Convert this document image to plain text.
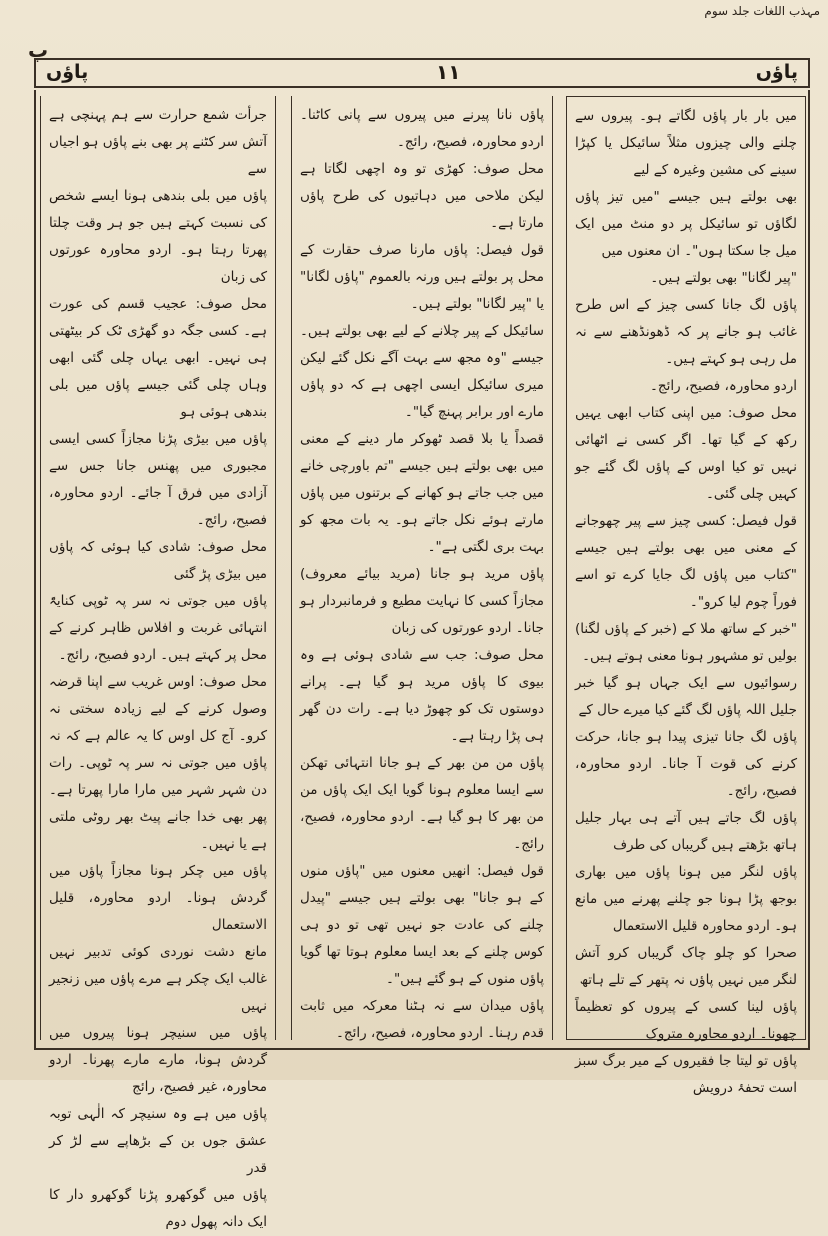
مہذب اللغات جلد سوم
پ
پاؤں
١١
پاؤں
میں بار بار پاؤں لگاتے ہو۔ پیروں سے چلنے والی چیزوں مثلاً سائیکل یا کپڑا سینے کی مشین وغیرہ کے لیے
بھی بولتے ہیں جیسے "میں تیز پاؤں لگاؤں تو سائیکل پر دو منٹ میں ایک میل جا سکتا ہوں"۔ ان معنوں میں
"پیر لگانا" بھی بولتے ہیں۔
پاؤں لگ جانا کسی چیز کے اس طرح غائب ہو جانے پر کہ ڈھونڈھنے سے نہ مل رہی ہو کہتے ہیں۔
اردو محاورہ، فصیح، رائج۔
محل صوف: میں اپنی کتاب ابھی یہیں رکھ کے گیا تھا۔ اگر کسی نے اٹھائی نہیں تو کیا اوس کے پاؤں لگ گئے جو کہیں چلی گئی۔
قول فیصل: کسی چیز سے پیر چھوجانے کے معنی میں بھی بولتے ہیں جیسے "کتاب میں پاؤں لگ جایا کرے تو اسے فوراً چوم لیا کرو"۔
"خبر کے ساتھ ملا کے (خبر کے پاؤں لگنا) بولیں تو مشہور ہونا معنی ہوتے ہیں۔
رسوائیوں سے ایک جہاں ہو گیا خبر جلیل اللہ پاؤں لگ گئے کیا میرے حال کے
پاؤں لگ جانا تیزی پیدا ہو جانا، حرکت کرنے کی قوت آ جانا۔ اردو محاورہ، فصیح، رائج۔
پاؤں لگ جاتے ہیں آتے ہی بہار جلیل ہاتھ بڑھتے ہیں گریباں کی طرف
پاؤں لنگر میں ہونا پاؤں میں بھاری بوجھ پڑا ہونا جو چلنے پھرنے میں مانع ہو۔ اردو محاورہ قلیل الاستعمال
صحرا کو چلو چاک گریباں کرو آتش لنگر میں نہیں پاؤں نہ پتھر کے تلے ہاتھ
پاؤں لینا کسی کے پیروں کو تعظیماً چھونا۔ اردو محاورہ متروک
پاؤں تو لیتا جا فقیروں کے میر برگ سبز است تحفۂ درویش
پاؤں نانا پیرنے میں پیروں سے پانی کاٹنا۔ اردو محاورہ، فصیح، رائج۔
محل صوف: کھڑی تو وہ اچھی لگاتا ہے لیکن ملاحی میں دہاتیوں کی طرح پاؤں مارتا ہے۔
قول فیصل: پاؤں مارنا صرف حقارت کے محل پر بولتے ہیں ورنہ بالعموم "پاؤں لگانا" یا "پیر لگانا" بولتے ہیں۔
سائیکل کے پیر چلانے کے لیے بھی بولتے ہیں۔ جیسے "وہ مجھ سے بہت آگے نکل گئے لیکن میری سائیکل ایسی اچھی ہے کہ دو پاؤں مارے اور برابر پہنچ گیا"۔
قصداً یا بلا قصد ٹھوکر مار دینے کے معنی میں بھی بولتے ہیں جیسے "تم باورچی خانے میں جب جاتے ہو کھانے کے برتنوں میں پاؤں مارتے ہوئے نکل جاتے ہو۔ یہ بات مجھ کو بہت بری لگتی ہے"۔
پاؤں مرید ہو جانا (مرید بیائے معروف) مجازاً کسی کا نہایت مطیع و فرمانبردار ہو جانا۔ اردو عورتوں کی زبان
محل صوف: جب سے شادی ہوئی ہے وہ بیوی کا پاؤں مرید ہو گیا ہے۔ پرانے دوستوں تک کو چھوڑ دیا ہے۔ رات دن گھر ہی پڑا رہتا ہے۔
پاؤں من من بھر کے ہو جانا انتہائی تھکن سے ایسا معلوم ہونا گویا ایک ایک پاؤں من من بھر کا ہو گیا ہے۔ اردو محاورہ، فصیح، رائج۔
قول فیصل: انھیں معنوں میں "پاؤں منوں کے ہو جانا" بھی بولتے ہیں جیسے "پیدل چلنے کی عادت جو نہیں تھی تو دو ہی کوس چلنے کے بعد ایسا معلوم ہوتا تھا گویا پاؤں منوں کے ہو گئے ہیں"۔
پاؤں میدان سے نہ ہٹنا معرکہ میں ثابت قدم رہنا۔ اردو محاورہ، فصیح، رائج۔
جرأت شمع حرارت سے ہم پہنچی ہے آتش سر کٹنے پر بھی بنے پاؤں ہو اجیاں سے
پاؤں میں بلی بندھی ہونا ایسے شخص کی نسبت کہتے ہیں جو ہر وقت چلتا پھرتا رہتا ہو۔ اردو محاورہ عورتوں کی زبان
محل صوف: عجیب قسم کی عورت ہے۔ کسی جگہ دو گھڑی ٹک کر بیٹھتی ہی نہیں۔ ابھی یہاں چلی گئی ابھی وہاں چلی گئی جیسے پاؤں میں بلی بندھی ہوئی ہو
پاؤں میں بیڑی پڑنا مجازاً کسی ایسی مجبوری میں پھنس جانا جس سے آزادی میں فرق آ جائے۔ اردو محاورہ، فصیح، رائج۔
محل صوف: شادی کیا ہوئی کہ پاؤں میں بیڑی پڑ گئی
پاؤں میں جوتی نہ سر پہ ٹوپی کنایۃً انتہائی غربت و افلاس ظاہر کرنے کے محل پر کہتے ہیں۔ اردو فصیح، رائج۔
محل صوف: اوس غریب سے اپنا قرضہ وصول کرنے کے لیے زیادہ سختی نہ کرو۔ آج کل اوس کا یہ عالم ہے کہ نہ پاؤں میں جوتی نہ سر پہ ٹوپی۔ رات دن شہر شہر میں مارا مارا پھرتا ہے۔ پھر بھی خدا جانے پیٹ بھر روٹی ملتی ہے یا نہیں۔
پاؤں میں چکر ہونا مجازاً پاؤں میں گردش ہونا۔ اردو محاورہ، قلیل الاستعمال
مانع دشت نوردی کوئی تدبیر نہیں غالب ایک چکر ہے مرے پاؤں میں زنجیر نہیں
پاؤں میں سنیچر ہونا پیروں میں گردش ہونا، مارے مارے پھرنا۔ اردو محاورہ، غیر فصیح، رائج
پاؤں میں ہے وہ سنیچر کہ الٰہی توبہ عشق جوں بن کے بڑھاپے سے لڑ کر قدر
پاؤں میں گوکھرو پڑنا گوکھرو دار کا ایک دانہ پھول دوم
